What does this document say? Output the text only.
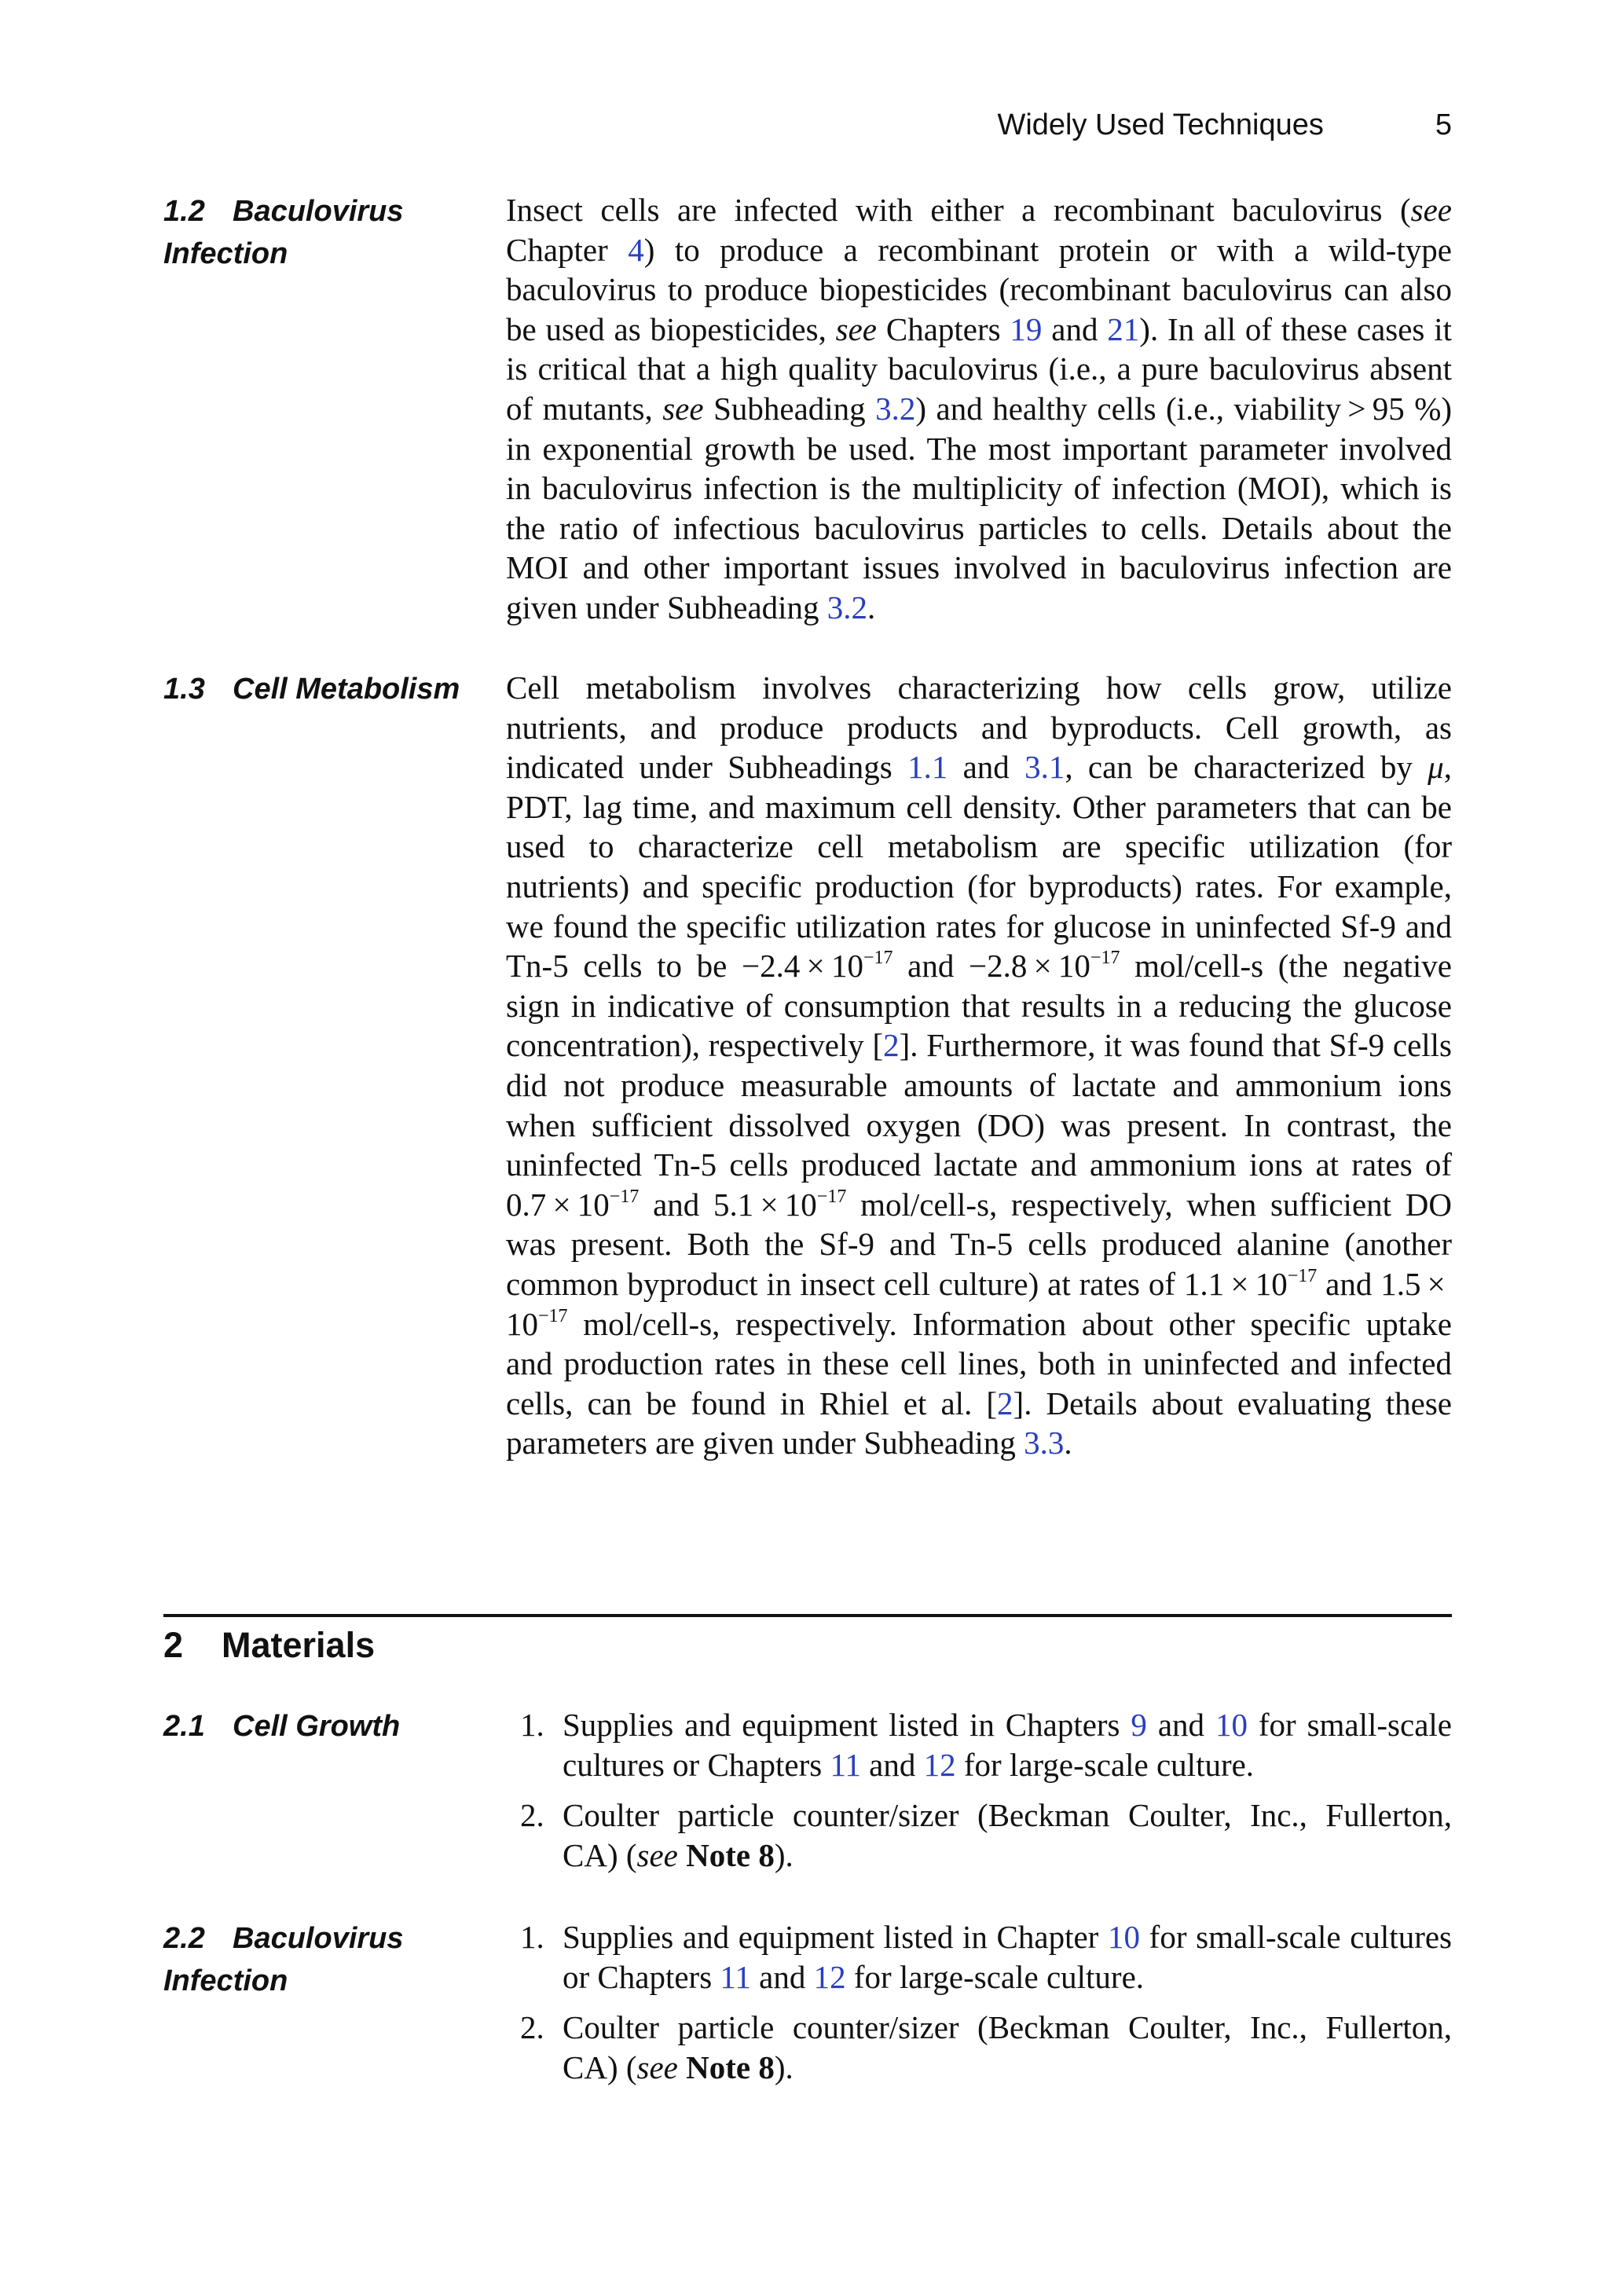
Widely Used Techniques	5
1.2 Baculovirus
Infection

Insect cells are infected with either a recombinant baculovirus (see Chapter 4) to produce a recombinant protein or with a wild-type baculovirus to produce biopesticides (recombinant baculovirus can also be used as biopesticides, see Chapters 19 and 21). In all of these cases it is critical that a high quality baculovirus (i.e., a pure baculovirus absent of mutants, see Subheading 3.2) and healthy cells (i.e., viability > 95 %) in exponential growth be used. The most important parameter involved in baculovirus infection is the multiplicity of infection (MOI), which is the ratio of infectious baculovirus particles to cells. Details about the MOI and other important issues involved in baculovirus infection are given under Subheading 3.2.

1.3 Cell Metabolism	Cell metabolism involves characterizing how cells grow, utilize nutrients, and produce products and byproducts. Cell growth, as indicated under Subheadings 1.1 and 3.1, can be characterized by μ, PDT, lag time, and maximum cell density. Other parameters that can be used to characterize cell metabolism are specific utilization (for nutrients) and specific production (for byproducts) rates. For example, we found the specific utilization rates for glucose in uninfected Sf-9 and Tn-5 cells to be $-2.4 \times 10^{-17}$ and $-2.8 \times 10^{-17}$ mol/cell-s (the negative sign in indicative of consumption that results in a reducing the glucose concentration), respectively [2]. Furthermore, it was found that Sf-9 cells did not produce measurable amounts of lactate and ammonium ions when sufficient dissolved oxygen (DO) was present. In contrast, the uninfected Tn-5 cells produced lactate and ammonium ions at rates of $0.7 \times 10^{-17}$ and $5.1 \times 10^{-17}$ mol/cell-s, respectively, when sufficient DO was present. Both the Sf-9 and Tn-5 cells produced alanine (another common byproduct in insect cell culture) at rates of $1.1 \times 10^{-17}$ and $1.5 \times 10^{-17}$ mol/cell-s, respectively. Information about other specific uptake and production rates in these cell lines, both in uninfected and infected cells, can be found in Rhiel et al. [2]. Details about evaluating these parameters are given under Subheading 3.3.

2 Materials
2.1 Cell Growth	1. Supplies and equipment listed in Chapters 9 and 10 for small-scale cultures or Chapters 11 and 12 for large-scale culture.
2. Coulter particle counter/sizer (Beckman Coulter, Inc., Fullerton, CA) (see Note 8).
2.2 Baculovirus
Infection
1. Supplies and equipment listed in Chapter 10 for small-scale cultures or Chapters 11 and 12 for large-scale culture.
2. Coulter particle counter/sizer (Beckman Coulter, Inc., Fullerton, CA) (see Note 8).
